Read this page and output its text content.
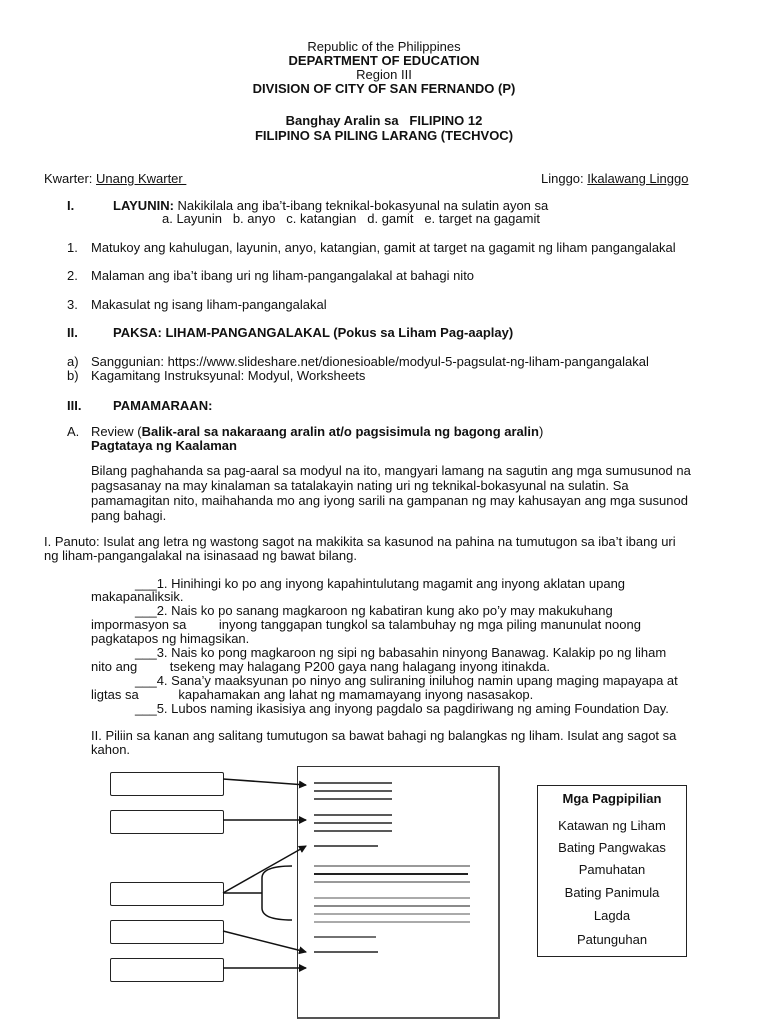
Republic of the Philippines
DEPARTMENT OF EDUCATION
Region III
DIVISION OF CITY OF SAN FERNANDO (P)
Banghay Aralin sa   FILIPINO 12
FILIPINO SA PILING LARANG (TECHVOC)
Kwarter: Unang Kwarter	Linggo: Ikalawang Linggo
I.	LAYUNIN: Nakikilala ang iba’t-ibang teknikal-bokasyunal na sulatin ayon sa
a. Layunin   b. anyo   c. katangian   d. gamit   e. target na gagamit
1. Matukoy ang kahulugan, layunin, anyo, katangian, gamit at target na gagamit ng liham pangangalakal
2. Malaman ang iba’t ibang uri ng liham-pangangalakal at bahagi nito
3. Makasulat ng isang liham-pangangalakal
II.	PAKSA: LIHAM-PANGANGALAKAL (Pokus sa Liham Pag-aaplay)
a) Sanggunian: https://www.slideshare.net/dionesioable/modyul-5-pagsulat-ng-liham-pangangalakal
b) Kagamitang Instruksyunal: Modyul, Worksheets
III. PAMAMARAAN:
A. Review (Balik-aral sa nakaraang aralin at/o pagsisimula ng bagong aralin)
Pagtataya ng Kaalaman

Bilang paghahanda sa pag-aaral sa modyul na ito, mangyari lamang na sagutin ang mga sumusunod na pagsasanay na may kinalaman sa tatalakayin nating uri ng teknikal-bokasyunal na sulatin. Sa pamamagitan nito, maihahanda mo ang iyong sarili na gampanan ng may kahusayan ang mga susunod pang bahagi.

I. Panuto: Isulat ang letra ng wastong sagot na makikita sa kasunod na pahina na tumutugon sa iba’t ibang uri
ng liham-pangangalakal na isinasaad ng bawat bilang.
___1. Hinihingi ko po ang inyong kapahintulutang magamit ang inyong aklatan upang
makapanaliksik.
___2. Nais ko po sanang magkaroon ng kabatiran kung ako po’y may makukuhang
impormasyon sa         inyong tanggapan tungkol sa talambuhay ng mga piling manunulat noong
pagkatapos ng himagsikan.
___3. Nais ko pong magkaroon ng sipi ng babasahin ninyong Banawag. Kalakip po ng liham
nito ang         tsekeng may halagang P200 gaya nang halagang inyong itinakda.
___4. Sana’y maaksyunan po ninyo ang suliraning iniluhog namin upang maging mapayapa at
ligtas sa           kapahamakan ang lahat ng mamamayang inyong nasasakop.
___5. Lubos naming ikasisiya ang inyong pagdalo sa pagdiriwang ng aming Foundation Day.
II. Piliin sa kanan ang salitang tumutugon sa bawat bahagi ng balangkas ng liham. Isulat ang sagot sa
kahon.
Mga Pagpipilian
Katawan ng Liham
Bating Pangwakas
Pamuhatan
Bating Panimula
Lagda
Patunguhan
